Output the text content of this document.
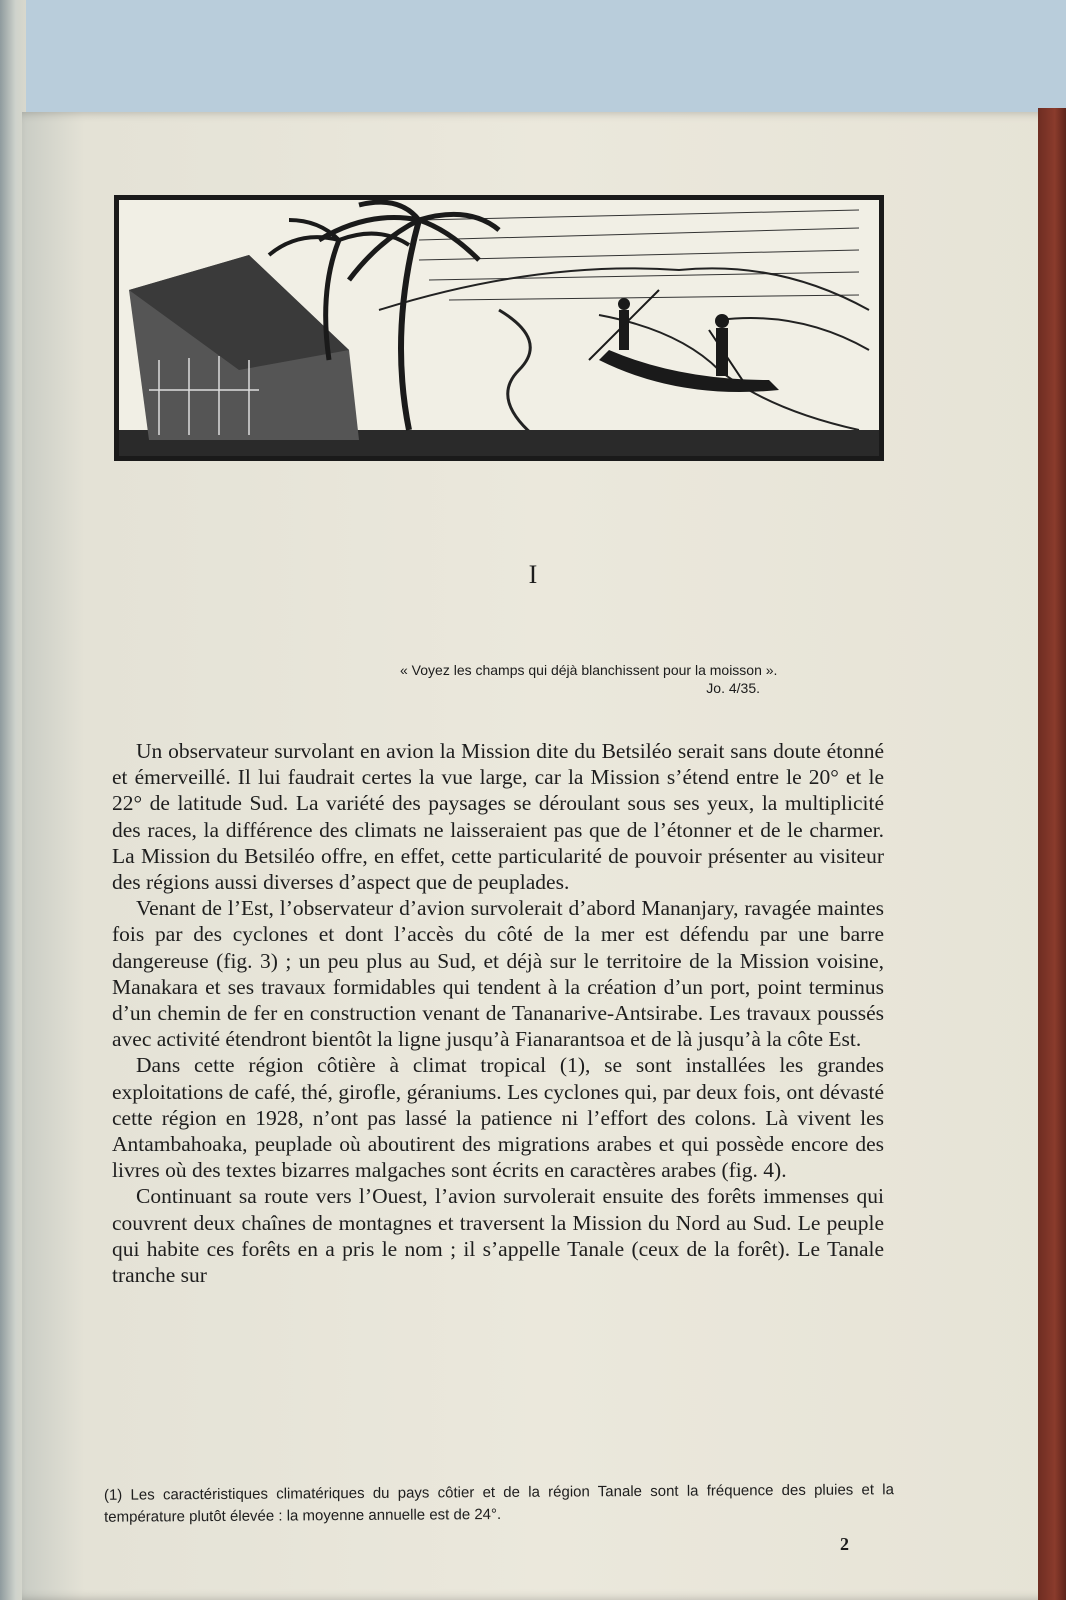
I
« Voyez les champs qui déjà blanchissent pour la moisson ».
Jo. 4/35.

Un observateur survolant en avion la Mission dite du Betsiléo serait sans doute étonné et émerveillé. Il lui faudrait certes la vue large, car la Mission s’étend entre le 20° et le 22° de latitude Sud. La variété des paysages se déroulant sous ses yeux, la multiplicité des races, la différence des climats ne laisseraient pas que de l’étonner et de le charmer. La Mission du Betsiléo offre, en effet, cette particularité de pouvoir présenter au visiteur des régions aussi diverses d’aspect que de peuplades.

Venant de l’Est, l’observateur d’avion survolerait d’abord Mananjary, ravagée maintes fois par des cyclones et dont l’accès du côté de la mer est défendu par une barre dangereuse (fig. 3) ; un peu plus au Sud, et déjà sur le territoire de la Mission voisine, Manakara et ses travaux formidables qui tendent à la création d’un port, point terminus d’un chemin de fer en construction venant de Tananarive-Antsirabe. Les travaux poussés avec activité étendront bientôt la ligne jusqu’à Fianarantsoa et de là jusqu’à la côte Est.

Dans cette région côtière à climat tropical (1), se sont installées les grandes exploitations de café, thé, girofle, géraniums. Les cyclones qui, par deux fois, ont dévasté cette région en 1928, n’ont pas lassé la patience ni l’effort des colons. Là vivent les Antambahoaka, peuplade où aboutirent des migrations arabes et qui possède encore des livres où des textes bizarres malgaches sont écrits en caractères arabes (fig. 4).

Continuant sa route vers l’Ouest, l’avion survolerait ensuite des forêts immenses qui couvrent deux chaînes de montagnes et traversent la Mission du Nord au Sud. Le peuple qui habite ces forêts en a pris le nom ; il s’appelle Tanale (ceux de la forêt). Le Tanale tranche sur

(1) Les caractéristiques climatériques du pays côtier et de la région Tanale sont la fréquence des pluies et la température plutôt élevée : la moyenne annuelle est de 24°.
2
